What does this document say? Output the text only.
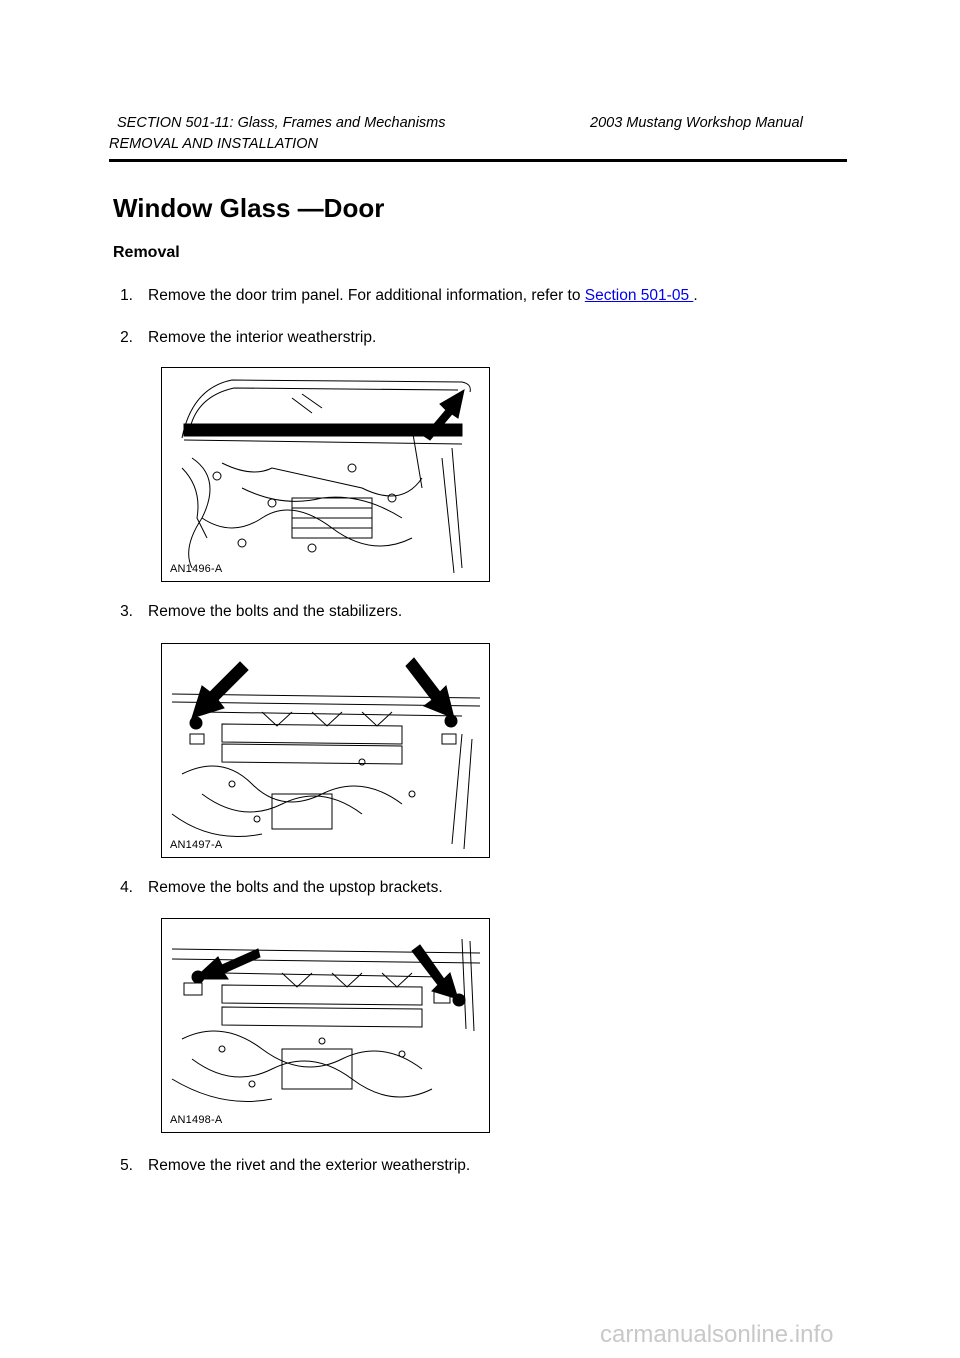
SECTION 501-11: Glass, Frames and Mechanisms	2003 Mustang Workshop Manual
REMOVAL AND INSTALLATION
Window Glass —Door
Removal
1. Remove the door trim panel. For additional information, refer to Section 501-05 .
2. Remove the interior weatherstrip.
AN1496-A
3. Remove the bolts and the stabilizers.
AN1497-A
4. Remove the bolts and the upstop brackets.
AN1498-A
5. Remove the rivet and the exterior weatherstrip.
carmanualsonline.info
